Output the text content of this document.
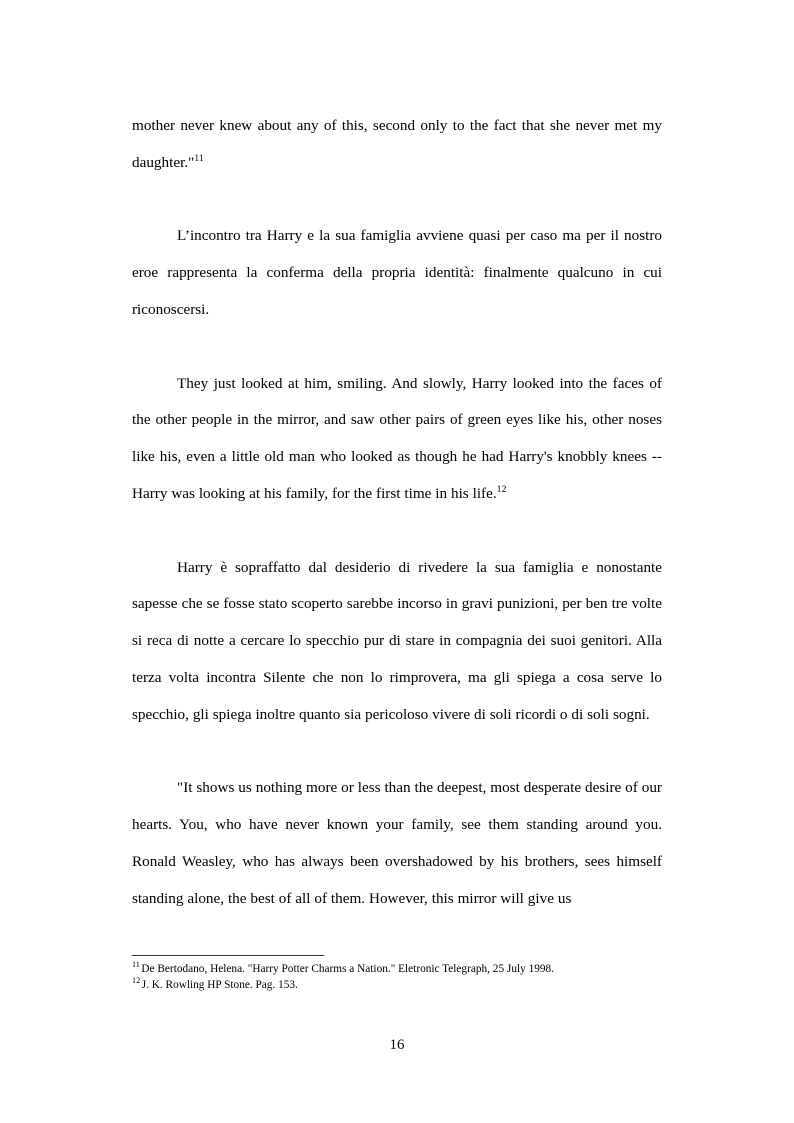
mother never knew about any of this, second only to the fact that she never met my daughter."$^{11}$

L’incontro tra Harry e la sua famiglia avviene quasi per caso ma per il nostro eroe rappresenta la conferma della propria identità: finalmente qualcuno in cui riconoscersi.

They just looked at him, smiling. And slowly, Harry looked into the faces of the other people in the mirror, and saw other pairs of green eyes like his, other noses like his, even a little old man who looked as though he had Harry's knobbly knees -- Harry was looking at his family, for the first time in his life.$^{12}$

Harry è sopraffatto dal desiderio di rivedere la sua famiglia e nonostante sapesse che se fosse stato scoperto sarebbe incorso in gravi punizioni, per ben tre volte si reca di notte a cercare lo specchio pur di stare in compagnia dei suoi genitori. Alla terza volta incontra Silente che non lo rimprovera, ma gli spiega a cosa serve lo specchio, gli spiega inoltre quanto sia pericoloso vivere di soli ricordi o di soli sogni.

"It shows us nothing more or less than the deepest, most desperate desire of our hearts. You, who have never known your family, see them standing around you. Ronald Weasley, who has always been overshadowed by his brothers, sees himself standing alone, the best of all of them. However, this mirror will give us

$^{11}$ De Bertodano, Helena. "Harry Potter Charms a Nation." Eletronic Telegraph, 25 July 1998.

$^{12}$ J. K. Rowling HP Stone. Pag. 153.

16
